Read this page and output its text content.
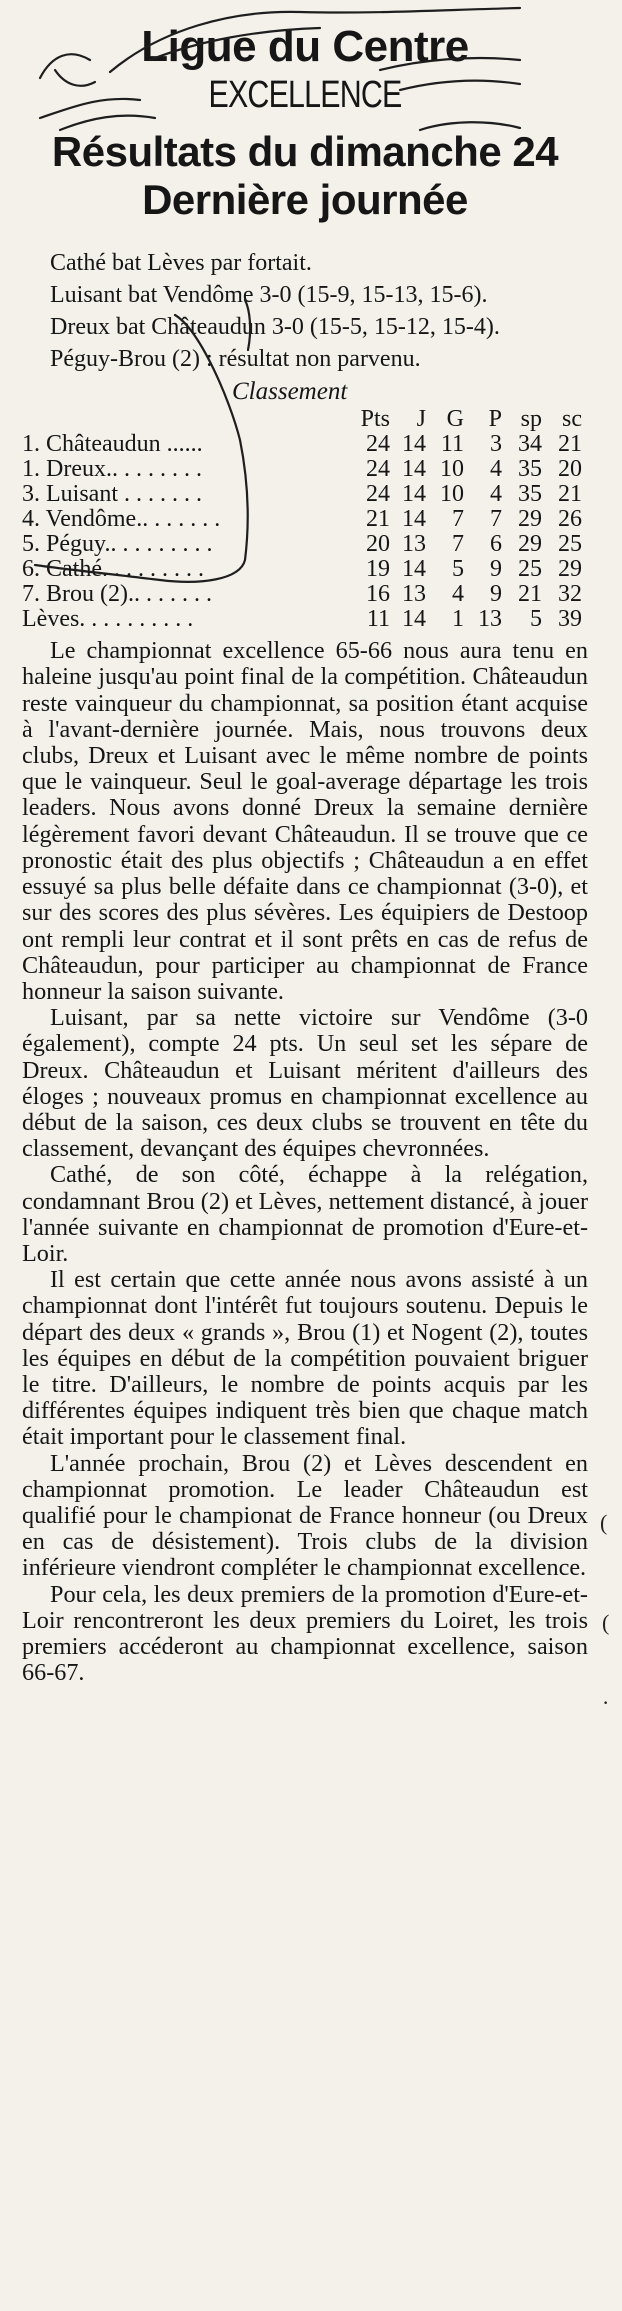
Ligue du Centre
EXCELLENCE
Résultats du dimanche 24
Dernière journée

Cathé bat Lèves par fortait.

Luisant bat Vendôme 3-0 (15-9, 15-13, 15-6).

Dreux bat Châteaudun 3-0 (15-5, 15-12, 15-4).

Péguy-Brou (2) : résultat non parvenu.

Classement
	Pts	J	G	P	sp	sc
1. Châteaudun ......	24	14	11	3	34	21
1. Dreux.. . . . . . . .	24	14	10	4	35	20
3. Luisant . . . . . . .	24	14	10	4	35	21
4. Vendôme.. . . . . . .	21	14	7	7	29	26
5. Péguy.. . . . . . . . .	20	13	7	6	29	25
6. Cathé. . . . . . . . .	19	14	5	9	25	29
7. Brou (2).. . . . . . .	16	13	4	9	21	32
Lèves. . . . . . . . . .	11	14	1	13	5	39

Le championnat excellence 65-66 nous aura tenu en haleine jusqu'au point final de la compétition. Châteaudun reste vainqueur du championnat, sa position étant acquise à l'avant-dernière journée. Mais, nous trouvons deux clubs, Dreux et Luisant avec le même nombre de points que le vainqueur. Seul le goal-average départage les trois leaders. Nous avons donné Dreux la semaine dernière légèrement favori devant Châteaudun. Il se trouve que ce pronostic était des plus objectifs ; Châteaudun a en effet essuyé sa plus belle défaite dans ce championnat (3-0), et sur des scores des plus sévères. Les équipiers de Destoop ont rempli leur contrat et il sont prêts en cas de refus de Châteaudun, pour participer au championnat de France honneur la saison suivante.

Luisant, par sa nette victoire sur Vendôme (3-0 également), compte 24 pts. Un seul set les sépare de Dreux. Châteaudun et Luisant méritent d'ailleurs des éloges ; nouveaux promus en championnat excellence au début de la saison, ces deux clubs se trouvent en tête du classement, devançant des équipes chevronnées.

Cathé, de son côté, échappe à la relégation, condamnant Brou (2) et Lèves, nettement distancé, à jouer l'année suivante en championnat de promotion d'Eure-et-Loir.

Il est certain que cette année nous avons assisté à un championnat dont l'intérêt fut toujours soutenu. Depuis le départ des deux « grands », Brou (1) et Nogent (2), toutes les équipes en début de la compétition pouvaient briguer le titre. D'ailleurs, le nombre de points acquis par les différentes équipes indiquent très bien que chaque match était important pour le classement final.

L'année prochain, Brou (2) et Lèves descendent en championnat promotion. Le leader Châteaudun est qualifié pour le championat de France honneur (ou Dreux en cas de désistement). Trois clubs de la division inférieure viendront compléter le championnat excellence.

Pour cela, les deux premiers de la promotion d'Eure-et-Loir rencontreront les deux premiers du Loiret, les trois premiers accéderont au championnat excellence, saison 66-67.

(
(
·
